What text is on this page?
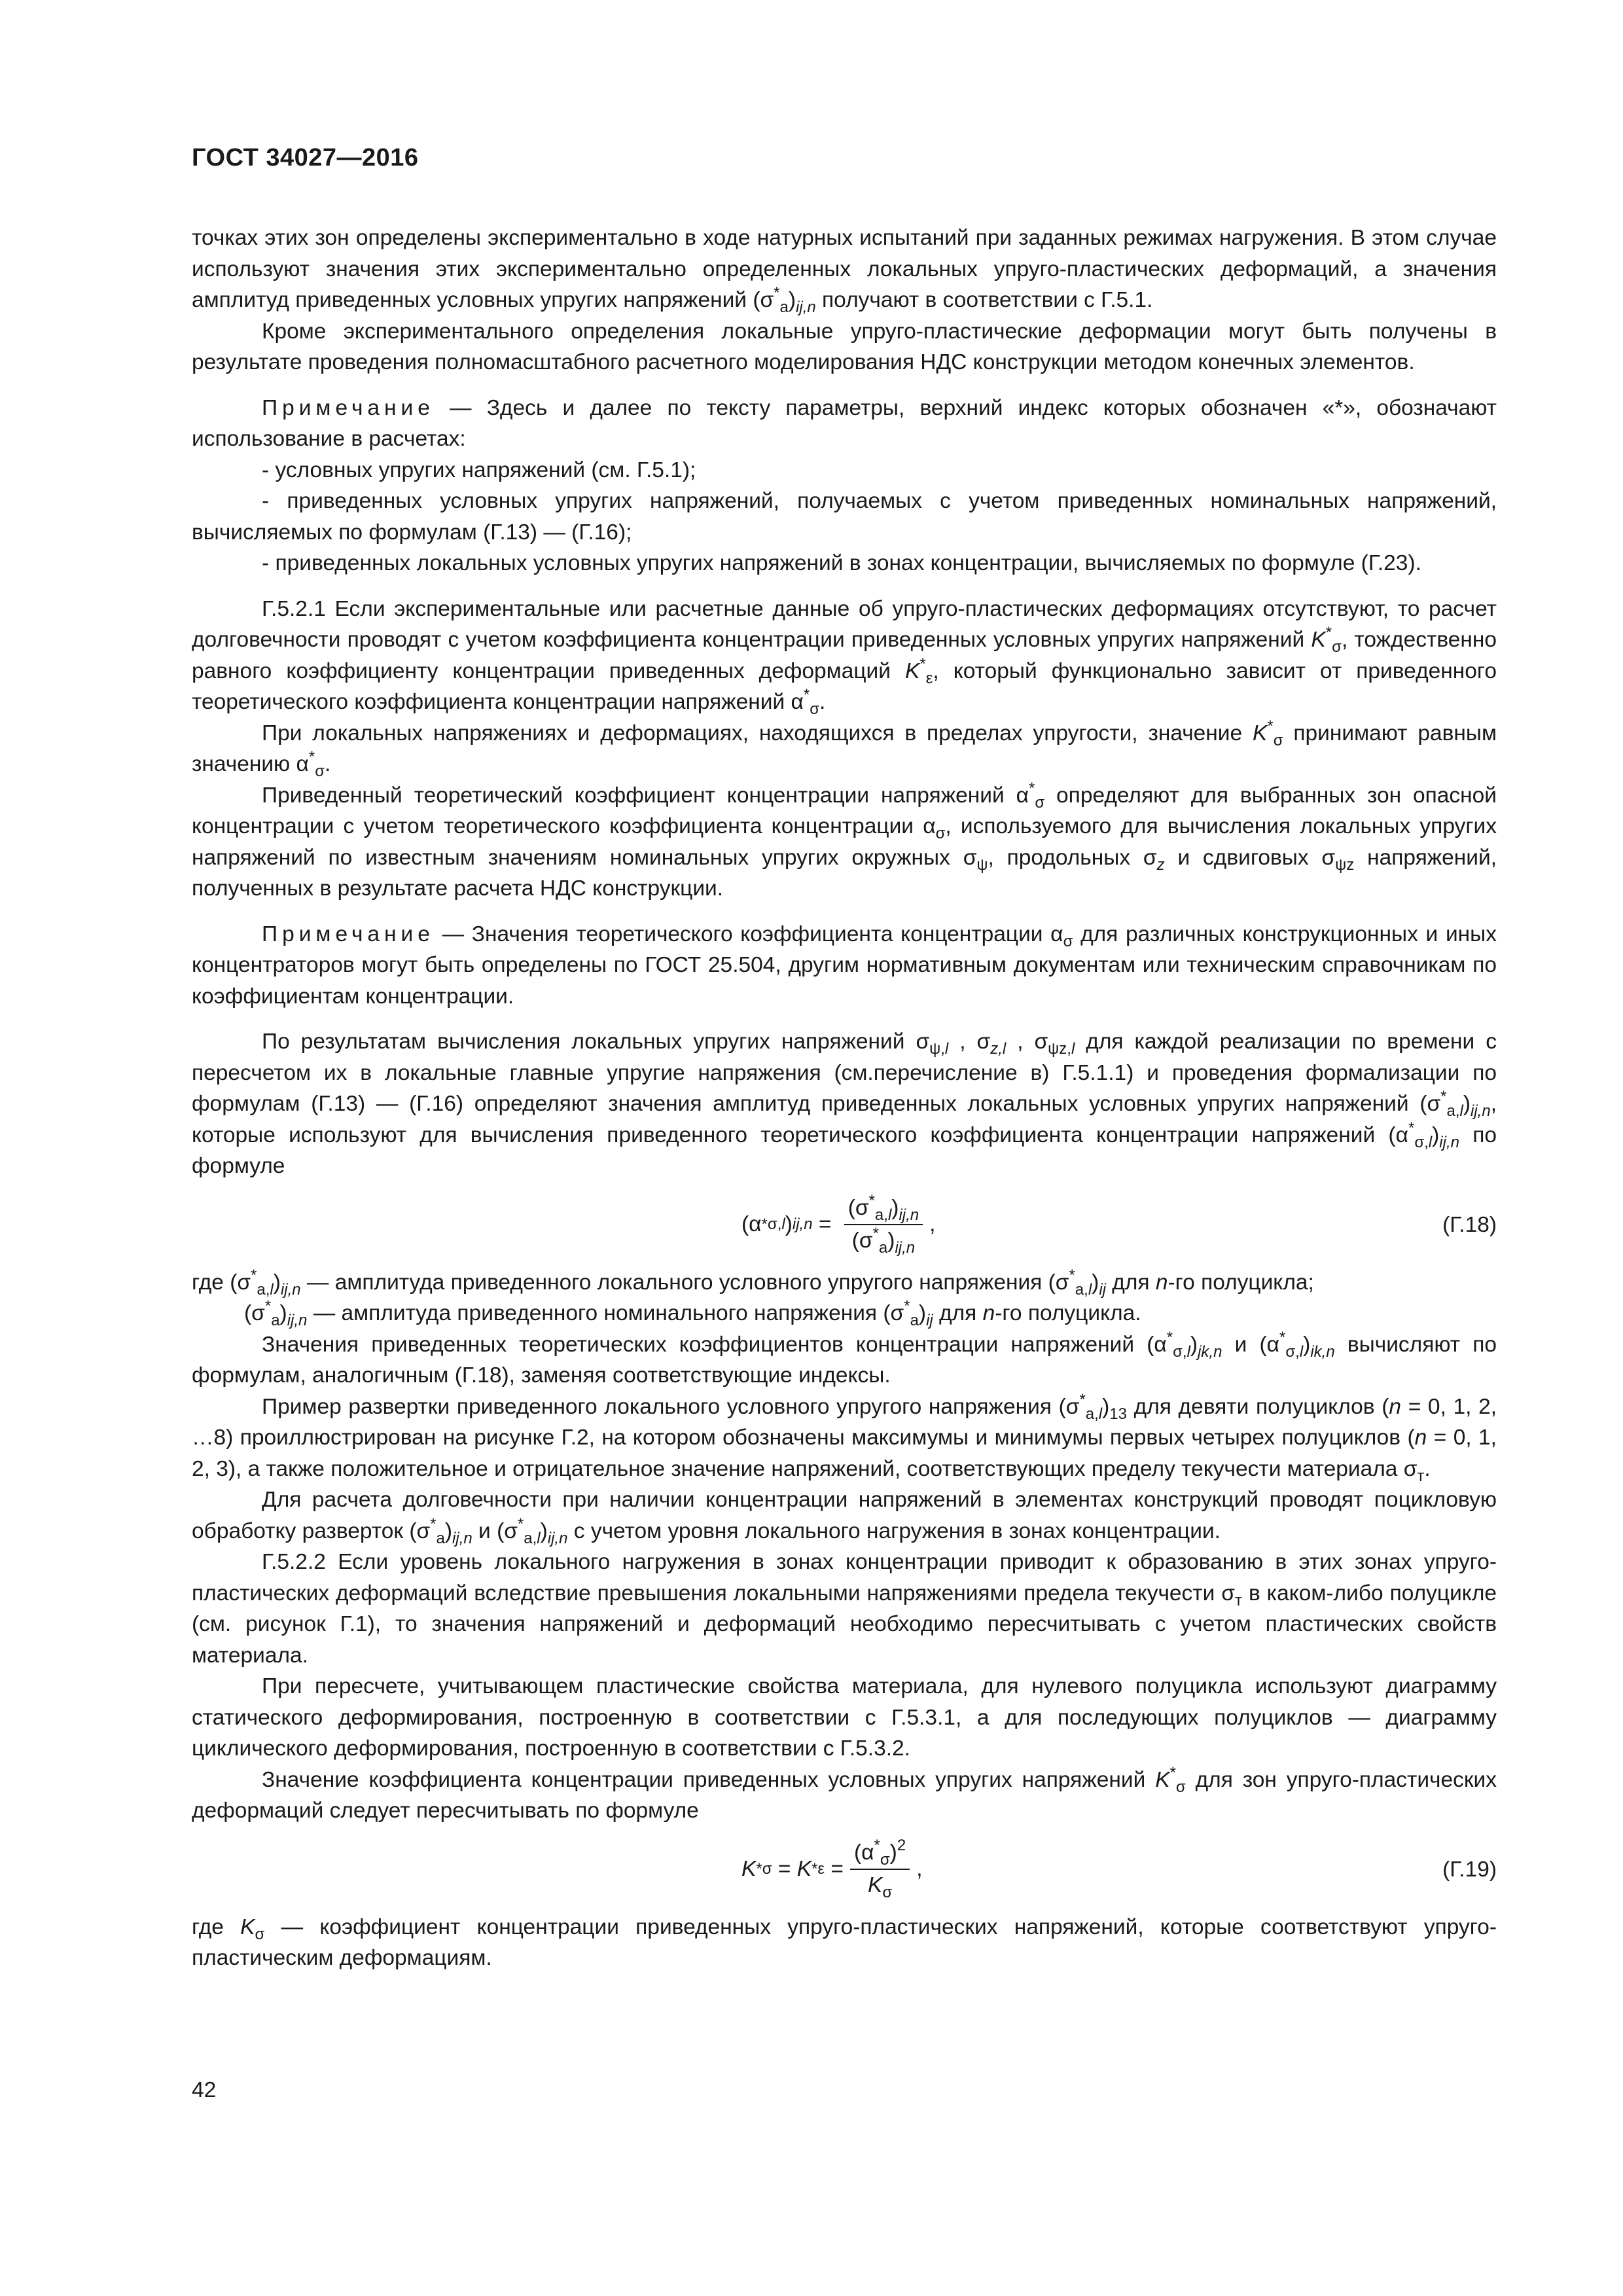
ГОСТ 34027—2016

точках этих зон определены экспериментально в ходе натурных испытаний при заданных режимах нагружения. В этом случае используют значения этих экспериментально определенных локальных упруго-пластических деформаций, а значения амплитуд приведенных условных упругих напряжений $(\sigma^*_a)_{ij,n}$ получают в соответствии с Г.5.1.

Кроме экспериментального определения локальные упруго-пластические деформации могут быть получены в результате проведения полномасштабного расчетного моделирования НДС конструкции методом конечных элементов.

Примечание — Здесь и далее по тексту параметры, верхний индекс которых обозначен «*», обозначают использование в расчетах:

- условных упругих напряжений (см. Г.5.1);

- приведенных условных упругих напряжений, получаемых с учетом приведенных номинальных напряжений, вычисляемых по формулам (Г.13) — (Г.16);

- приведенных локальных условных упругих напряжений в зонах концентрации, вычисляемых по формуле (Г.23).

Г.5.2.1 Если экспериментальные или расчетные данные об упруго-пластических деформациях отсутствуют, то расчет долговечности проводят с учетом коэффициента концентрации приведенных условных упругих напряжений $K^*_\sigma$, тождественно равного коэффициенту концентрации приведенных деформаций $K^*_\varepsilon$, который функционально зависит от приведенного теоретического коэффициента концентрации напряжений $\alpha^*_\sigma$.

При локальных напряжениях и деформациях, находящихся в пределах упругости, значение $K^*_\sigma$ принимают равным значению $\alpha^*_\sigma$.

Приведенный теоретический коэффициент концентрации напряжений $\alpha^*_\sigma$ определяют для выбранных зон опасной концентрации с учетом теоретического коэффициента концентрации $\alpha_\sigma$, используемого для вычисления локальных упругих напряжений по известным значениям номинальных упругих окружных $\sigma_\psi$, продольных $\sigma_z$ и сдвиговых $\sigma_{\psi z}$ напряжений, полученных в результате расчета НДС конструкции.

Примечание — Значения теоретического коэффициента концентрации $\alpha_\sigma$ для различных конструкционных и иных концентраторов могут быть определены по ГОСТ 25.504, другим нормативным документам или техническим справочникам по коэффициентам концентрации.

По результатам вычисления локальных упругих напряжений $\sigma_{\psi,l}$ , $\sigma_{z,l}$ , $\sigma_{\psi z,l}$ для каждой реализации по времени с пересчетом их в локальные главные упругие напряжения (см.перечисление в) Г.5.1.1) и проведения формализации по формулам (Г.13) — (Г.16) определяют значения амплитуд приведенных локальных условных упругих напряжений $(\sigma^*_{a,l})_{ij,n}$, которые используют для вычисления приведенного теоретического коэффициента концентрации напряжений $(\alpha^*_{\sigma,l})_{ij,n}$ по формуле

(α * σ,l ) $ij,n = \frac{(\sigma^*_{a,l})_{ij,n}}{(\sigma^*_a)_{ij,n}}$ ,	(Г.18)

где $(\sigma^*_{a,l})_{ij,n}$ — амплитуда приведенного локального условного упругого напряжения $(\sigma^*_{a,l})_{ij}$ для n-го полуцикла;

$(\sigma^*_a)_{ij,n}$ — амплитуда приведенного номинального напряжения $(\sigma^*_a)_{ij}$ для n-го полуцикла.

Значения приведенных теоретических коэффициентов концентрации напряжений $(\alpha^*_{\sigma,l})_{jk,n}$ и $(\alpha^*_{\sigma,l})_{ik,n}$ вычисляют по формулам, аналогичным (Г.18), заменяя соответствующие индексы.

Пример развертки приведенного локального условного упругого напряжения $(\sigma^*_{a,l})_{13}$ для девяти полуциклов (n = 0, 1, 2, …8) проиллюстрирован на рисунке Г.2, на котором обозначены максимумы и минимумы первых четырех полуциклов (n = 0, 1, 2, 3), а также положительное и отрицательное значение напряжений, соответствующих пределу текучести материала $\sigma_т$.

Для расчета долговечности при наличии концентрации напряжений в элементах конструкций проводят поцикловую обработку разверток $(\sigma^*_a)_{ij,n}$ и $(\sigma^*_{a,l})_{ij,n}$ с учетом уровня локального нагружения в зонах концентрации.

Г.5.2.2 Если уровень локального нагружения в зонах концентрации приводит к образованию в этих зонах упруго-пластических деформаций вследствие превышения локальными напряжениями предела текучести $\sigma_т$ в каком-либо полуцикле (см. рисунок Г.1), то значения напряжений и деформаций необходимо пересчитывать с учетом пластических свойств материала.

При пересчете, учитывающем пластические свойства материала, для нулевого полуцикла используют диаграмму статического деформирования, построенную в соответствии с Г.5.3.1, а для последующих полуциклов — диаграмму циклического деформирования, построенную в соответствии с Г.5.3.2.

Значение коэффициента концентрации приведенных условных упругих напряжений $K^*_\sigma$ для зон упруго-пластических деформаций следует пересчитывать по формуле

$K * \sigma = K * \varepsilon = \frac{(\alpha^*_\sigma)^2}{K_\sigma}$ ,	(Г.19)

где $K_\sigma$ — коэффициент концентрации приведенных упруго-пластических напряжений, которые соответствуют упруго-пластическим деформациям.

42
